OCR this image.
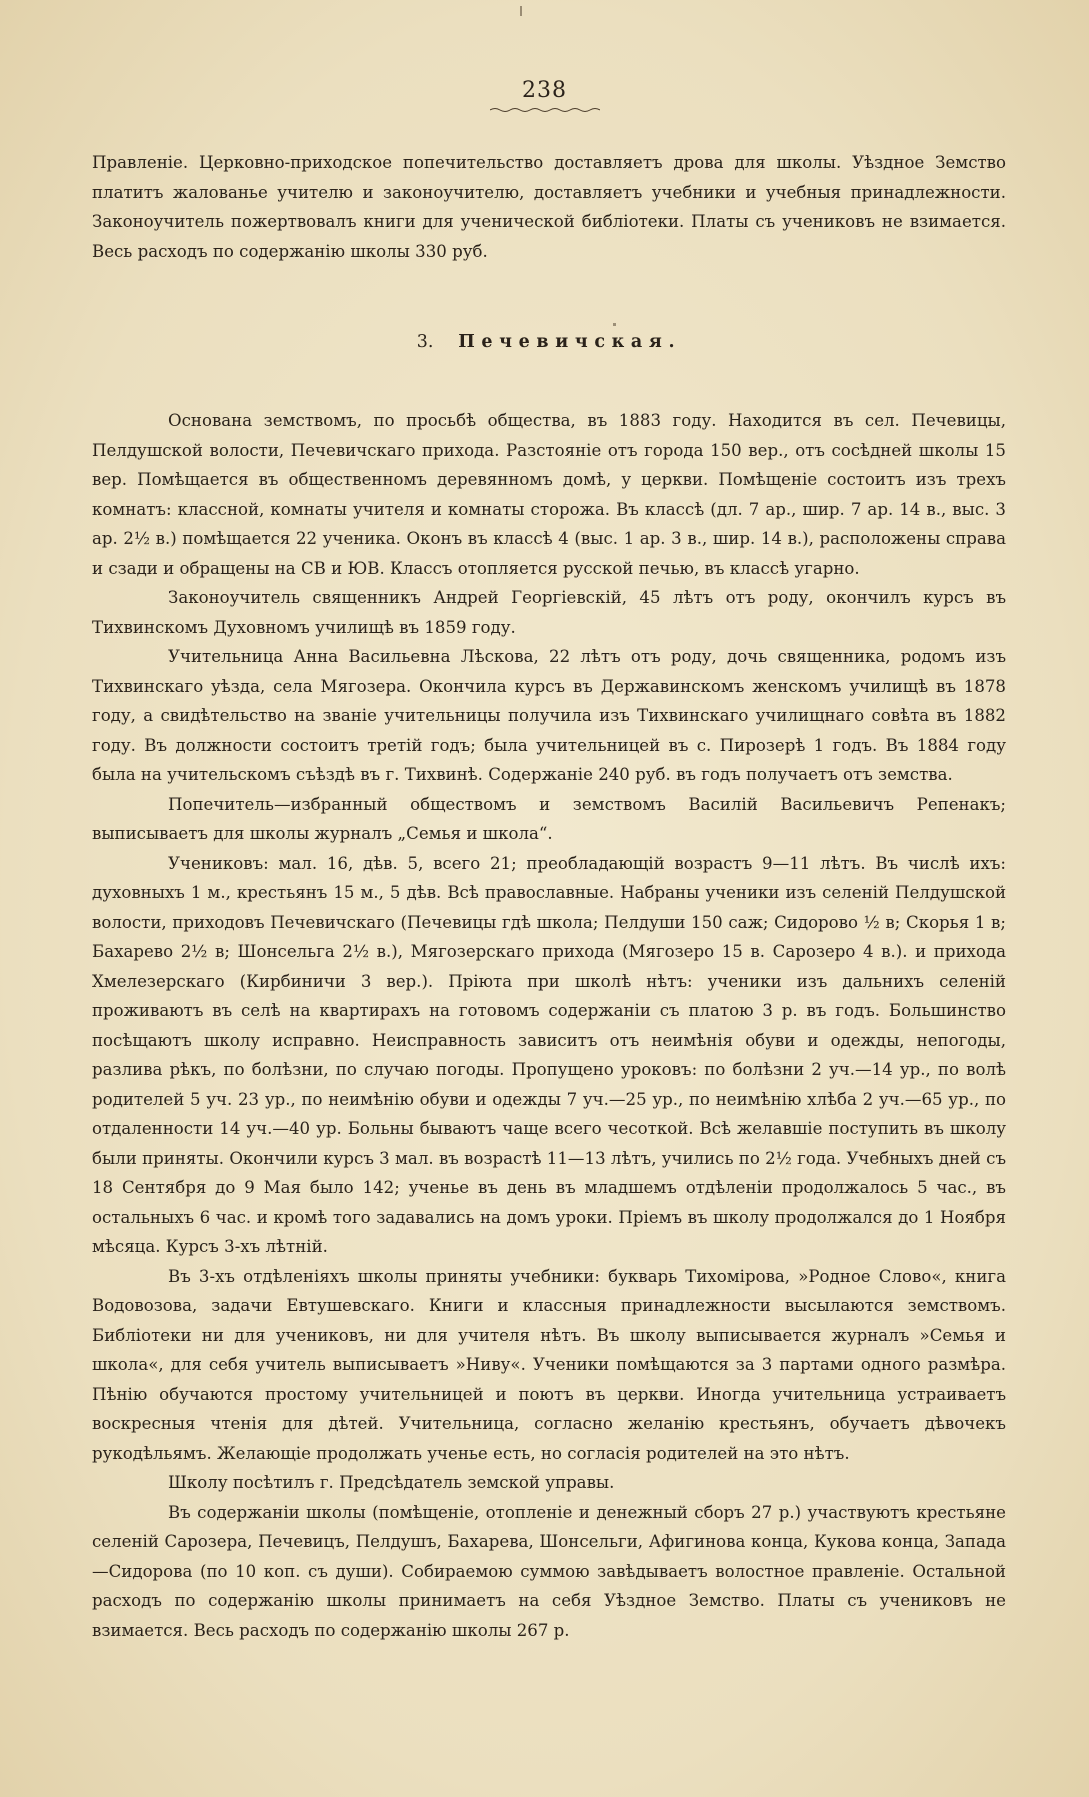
238

Правленіе. Церковно-приходское попечительство доставляетъ дрова для школы. Уѣздное Земство платитъ жалованье учителю и законоучителю, доставляетъ учебники и учебныя принадлежности. Законоучитель пожертвовалъ книги для ученической библіотеки. Платы съ учениковъ не взимается. Весь расходъ по содержанію школы 330 руб.

3. Печевичская.

Основана земствомъ, по просьбѣ общества, въ 1883 году. Находится въ сел. Печевицы, Пелдушской волости, Печевичскаго прихода. Разстояніе отъ города 150 вер., отъ сосѣдней школы 15 вер. Помѣщается въ общественномъ деревянномъ домѣ, у церкви. Помѣщеніе состоитъ изъ трехъ комнатъ: классной, комнаты учителя и комнаты сторожа. Въ классѣ (дл. 7 ар., шир. 7 ар. 14 в., выс. 3 ар. 2½ в.) помѣщается 22 ученика. Оконъ въ классѣ 4 (выс. 1 ар. 3 в., шир. 14 в.), расположены справа и сзади и обращены на СВ и ЮВ. Классъ отопляется русской печью, въ классѣ угарно.

Законоучитель священникъ Андрей Георгіевскій, 45 лѣтъ отъ роду, окончилъ курсъ въ Тихвинскомъ Духовномъ училищѣ въ 1859 году.

Учительница Анна Васильевна Лѣскова, 22 лѣтъ отъ роду, дочь священника, родомъ изъ Тихвинскаго уѣзда, села Мягозера. Окончила курсъ въ Державинскомъ женскомъ училищѣ въ 1878 году, а свидѣтельство на званіе учительницы получила изъ Тихвинскаго училищнаго совѣта въ 1882 году. Въ должности состоитъ третій годъ; была учительницей въ с. Пирозерѣ 1 годъ. Въ 1884 году была на учительскомъ съѣздѣ въ г. Тихвинѣ. Содержаніе 240 руб. въ годъ получаетъ отъ земства.

Попечитель—избранный обществомъ и земствомъ Василій Васильевичъ Репенакъ; выписываетъ для школы журналъ „Семья и школа“.

Учениковъ: мал. 16, дѣв. 5, всего 21; преобладающій возрастъ 9—11 лѣтъ. Въ числѣ ихъ: духовныхъ 1 м., крестьянъ 15 м., 5 дѣв. Всѣ православные. Набраны ученики изъ селеній Пелдушской волости, приходовъ Печевичскаго (Печевицы гдѣ школа; Пелдуши 150 саж; Сидорово ½ в; Скорья 1 в; Бахарево 2½ в; Шонсельга 2½ в.), Мягозерскаго прихода (Мягозеро 15 в. Сарозеро 4 в.). и прихода Хмелезерскаго (Кирбиничи 3 вер.). Пріюта при школѣ нѣтъ: ученики изъ дальнихъ селеній проживаютъ въ селѣ на квартирахъ на готовомъ содержаніи съ платою 3 р. въ годъ. Большинство посѣщаютъ школу исправно. Неисправность зависитъ отъ неимѣнія обуви и одежды, непогоды, разлива рѣкъ, по болѣзни, по случаю погоды. Пропущено уроковъ: по болѣзни 2 уч.—14 ур., по волѣ родителей 5 уч. 23 ур., по неимѣнію обуви и одежды 7 уч.—25 ур., по неимѣнію хлѣба 2 уч.—65 ур., по отдаленности 14 уч.—40 ур. Больны бываютъ чаще всего чесоткой. Всѣ желавшіе поступить въ школу были приняты. Окончили курсъ 3 мал. въ возрастѣ 11—13 лѣтъ, учились по 2½ года. Учебныхъ дней съ 18 Сентября до 9 Мая было 142; ученье въ день въ младшемъ отдѣленіи продолжалось 5 час., въ остальныхъ 6 час. и кромѣ того задавались на домъ уроки. Пріемъ въ школу продолжался до 1 Ноября мѣсяца. Курсъ 3-хъ лѣтній.

Въ 3-хъ отдѣленіяхъ школы приняты учебники: букварь Тихоміровa, »Родное Слово«, книга Водовозова, задачи Евтушевскаго. Книги и классныя принадлежности высылаются земствомъ. Библіотеки ни для учениковъ, ни для учителя нѣтъ. Въ школу выписывается журналъ »Семья и школа«, для себя учитель выписываетъ »Ниву«. Ученики помѣщаются за 3 партами одного размѣра. Пѣнію обучаются простому учительницей и поютъ въ церкви. Иногда учительница устраиваетъ воскресныя чтенія для дѣтей. Учительница, согласно желанію крестьянъ, обучаетъ дѣвочекъ рукодѣльямъ. Желающіе продолжать ученье есть, но согласія родителей на это нѣтъ.

Школу посѣтилъ г. Предсѣдатель земской управы.

Въ содержаніи школы (помѣщеніе, отопленіе и денежный сборъ 27 р.) участвуютъ крестьяне селеній Сарозера, Печевицъ, Пелдушъ, Бахарева, Шонсельги, Афигинова конца, Кукова конца, Запада—Сидорова (по 10 коп. съ души). Собираемою суммою завѣдываетъ волостное правленіе. Остальной расходъ по содержанію школы принимаетъ на себя Уѣздное Земство. Платы съ учениковъ не взимается. Весь расходъ по содержанію школы 267 р.
